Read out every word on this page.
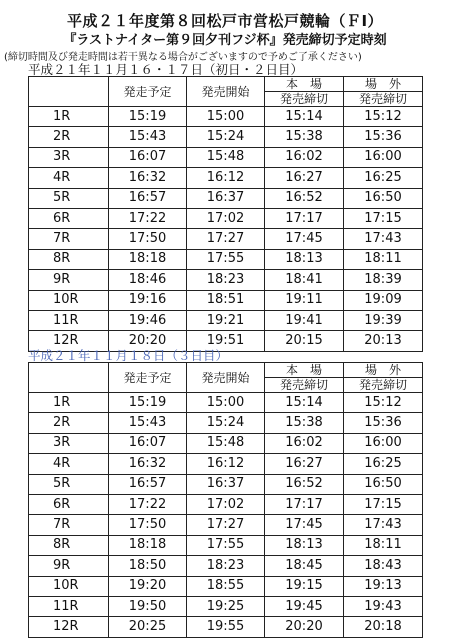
平成２１年度第８回松戸市営松戸競輪（ＦⅠ）
『ラストナイター第９回夕刊フジ杯』発売締切予定時刻
(締切時間及び発走時間は若干異なる場合がございますので予めご了承ください)
平成２１年１１月１６・１７日（初日・２日目）
	発走予定	発売開始	本　場	場　外
			発売締切	発売締切
1R	15:19	15:00	15:14	15:12
2R	15:43	15:24	15:38	15:36
3R	16:07	15:48	16:02	16:00
4R	16:32	16:12	16:27	16:25
5R	16:57	16:37	16:52	16:50
6R	17:22	17:02	17:17	17:15
7R	17:50	17:27	17:45	17:43
8R	18:18	17:55	18:13	18:11
9R	18:46	18:23	18:41	18:39
10R	19:16	18:51	19:11	19:09
11R	19:46	19:21	19:41	19:39
12R	20:20	19:51	20:15	20:13
平成２１年１１月１８日（３日目）
	発走予定	発売開始	本　場	場　外
			発売締切	発売締切
1R	15:19	15:00	15:14	15:12
2R	15:43	15:24	15:38	15:36
3R	16:07	15:48	16:02	16:00
4R	16:32	16:12	16:27	16:25
5R	16:57	16:37	16:52	16:50
6R	17:22	17:02	17:17	17:15
7R	17:50	17:27	17:45	17:43
8R	18:18	17:55	18:13	18:11
9R	18:50	18:23	18:45	18:43
10R	19:20	18:55	19:15	19:13
11R	19:50	19:25	19:45	19:43
12R	20:25	19:55	20:20	20:18
